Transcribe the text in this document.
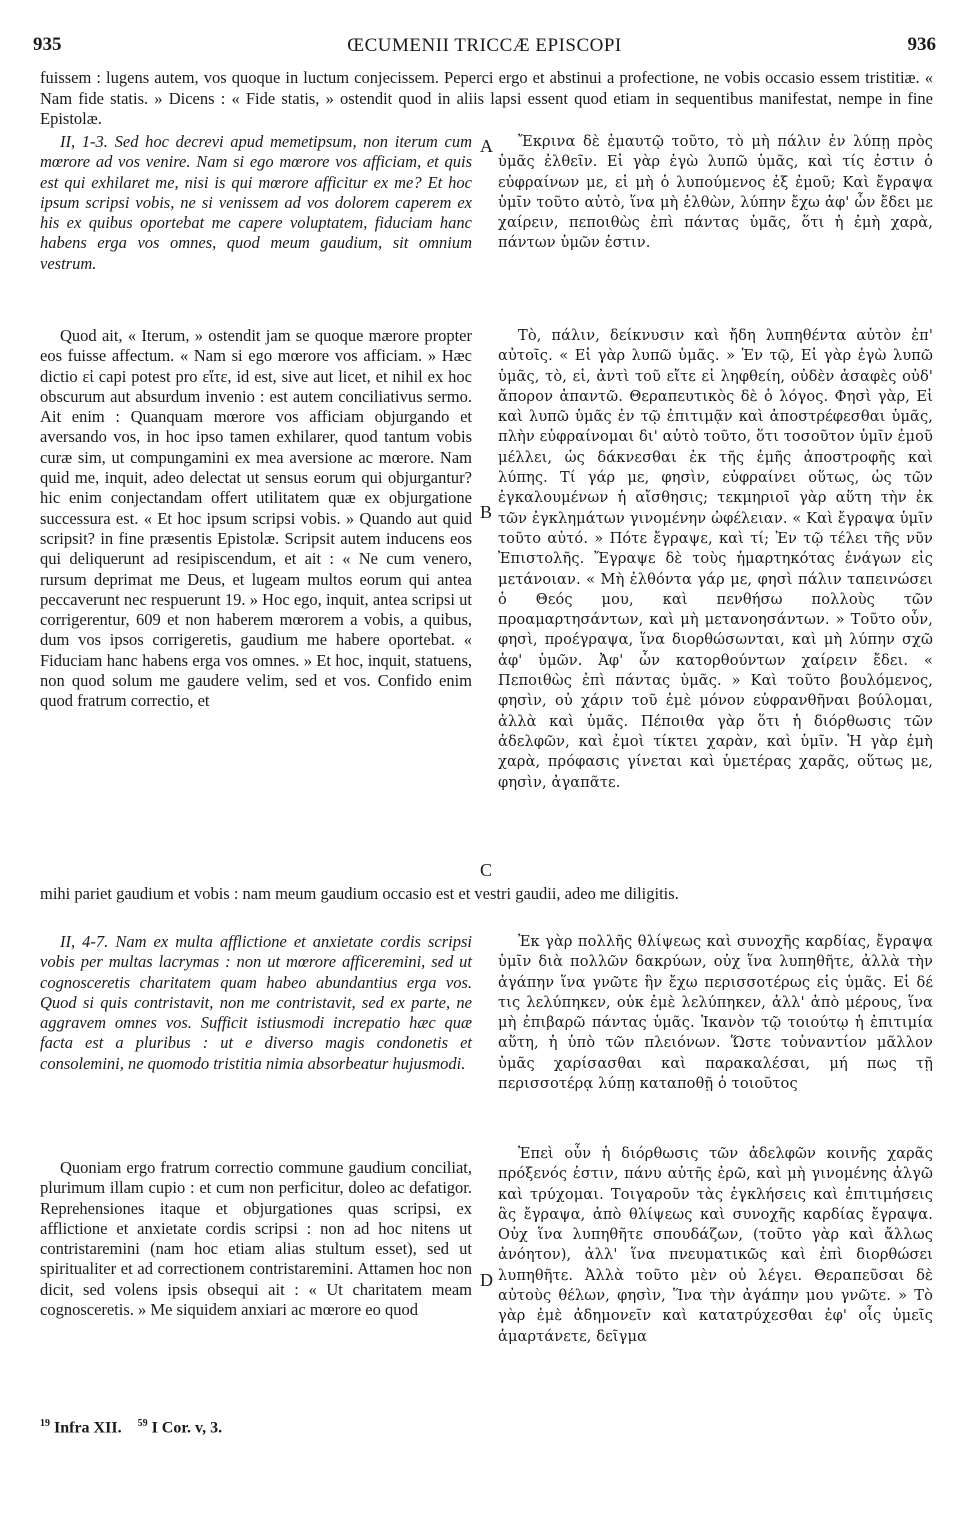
935	ŒCUMENII TRICCÆ EPISCOPI	936
fuissem : lugens autem, vos quoque in luctum conjecissem. Peperci ergo et abstinui a profectione, ne vobis occasio essem tristitiæ. « Nam fide statis. » Dicens : « Fide statis, » ostendit quod in aliis lapsi essent quod etiam in sequentibus manifestat, nempe in fine Epistolæ.

II, 1-3. Sed hoc decrevi apud memetipsum, non iterum cum mœrore ad vos venire. Nam si ego mœrore vos afficiam, et quis est qui exhilaret me, nisi is qui mœrore afficitur ex me? Et hoc ipsum scripsi vobis, ne si venissem ad vos dolorem caperem ex his ex quibus oportebat me capere voluptatem, fiduciam hanc habens erga vos omnes, quod meum gaudium, sit omnium vestrum.

Ἔκρινα δὲ ἐμαυτῷ τοῦτο, τὸ μὴ πάλιν ἐν λύπῃ πρὸς ὑμᾶς ἐλθεῖν. Εἰ γὰρ ἐγὼ λυπῶ ὑμᾶς, καὶ τίς ἐστιν ὁ εὐφραίνων με, εἰ μὴ ὁ λυπούμενος ἐξ ἐμοῦ; Καὶ ἔγραψα ὑμῖν τοῦτο αὐτὸ, ἵνα μὴ ἐλθὼν, λύπην ἔχω ἀφ' ὧν ἔδει με χαίρειν, πεποιθὼς ἐπὶ πάντας ὑμᾶς, ὅτι ἡ ἐμὴ χαρὰ, πάντων ὑμῶν ἐστιν.

A

Quod ait, « Iterum, » ostendit jam se quoque mærore propter eos fuisse affectum. « Nam si ego mœrore vos afficiam. » Hæc dictio εἰ capi potest pro εἴτε, id est, sive aut licet, et nihil ex hoc obscurum aut absurdum invenio : est autem conciliativus sermo. Ait enim : Quanquam mœrore vos afficiam objurgando et aversando vos, in hoc ipso tamen exhilarer, quod tantum vobis curæ sim, ut compungamini ex mea aversione ac mœrore. Nam quid me, inquit, adeo delectat ut sensus eorum qui objurgantur? hic enim conjectandam offert utilitatem quæ ex objurgatione successura est. « Et hoc ipsum scripsi vobis. » Quando aut quid scripsit? in fine præsentis Epistolæ. Scripsit autem inducens eos qui deliquerunt ad resipiscendum, et ait : « Ne cum venero, rursum deprimat me Deus, et lugeam multos eorum qui antea peccaverunt nec respuerunt 19. » Hoc ego, inquit, antea scripsi ut corrigerentur, 609 et non haberem mœrorem a vobis, a quibus, dum vos ipsos corrigeretis, gaudium me habere oportebat. « Fiduciam hanc habens erga vos omnes. » Et hoc, inquit, statuens, non quod solum me gaudere velim, sed et vos. Confido enim quod fratrum correctio, et

Τὸ, πάλιν, δείκνυσιν καὶ ἤδη λυπηθέντα αὐτὸν ἐπ' αὐτοῖς. « Εἰ γὰρ λυπῶ ὑμᾶς. » Ἐν τῷ, Εἰ γὰρ ἐγὼ λυπῶ ὑμᾶς, τὸ, εἰ, ἀντὶ τοῦ εἴτε εἰ ληφθείη, οὐδὲν ἀσαφὲς οὐδ' ἄπορον ἀπαντῶ. Θεραπευτικὸς δὲ ὁ λόγος. Φησὶ γὰρ, Εἰ καὶ λυπῶ ὑμᾶς ἐν τῷ ἐπιτιμᾷν καὶ ἀποστρέφεσθαι ὑμᾶς, πλὴν εὐφραίνομαι δι' αὐτὸ τοῦτο, ὅτι τοσοῦτον ὑμῖν ἐμοῦ μέλλει, ὡς δάκνεσθαι ἐκ τῆς ἐμῆς ἀποστροφῆς καὶ λύπης. Τί γάρ με, φησὶν, εὐφραίνει οὕτως, ὡς τῶν ἐγκαλουμένων ἡ αἴσθησις; τεκμηριοῖ γὰρ αὕτη τὴν ἐκ τῶν ἐγκλημάτων γινομένην ὠφέλειαν. « Καὶ ἔγραψα ὑμῖν τοῦτο αὐτό. » Πότε ἔγραψε, καὶ τί; Ἐν τῷ τέλει τῆς νῦν Ἐπιστολῆς. Ἔγραψε δὲ τοὺς ἡμαρτηκότας ἐνάγων εἰς μετάνοιαν. « Μὴ ἐλθόντα γάρ με, φησὶ πάλιν ταπεινώσει ὁ Θεός μου, καὶ πενθήσω πολλοὺς τῶν προαμαρτησάντων, καὶ μὴ μετανοησάντων. » Τοῦτο οὖν, φησὶ, προέγραψα, ἵνα διορθώσωνται, καὶ μὴ λύπην σχῶ ἀφ' ὑμῶν. Ἀφ' ὧν κατορθούντων χαίρειν ἔδει. « Πεποιθὼς ἐπὶ πάντας ὑμᾶς. » Καὶ τοῦτο βουλόμενος, φησὶν, οὐ χάριν τοῦ ἐμὲ μόνον εὐφρανθῆναι βούλομαι, ἀλλὰ καὶ ὑμᾶς. Πέποιθα γὰρ ὅτι ἡ διόρθωσις τῶν ἀδελφῶν, καὶ ἐμοὶ τίκτει χαρὰν, καὶ ὑμῖν. Ἡ γὰρ ἐμὴ χαρὰ, πρόφασις γίνεται καὶ ὑμετέρας χαρᾶς, οὕτως με, φησὶν, ἀγαπᾶτε.

B
C
mihi pariet gaudium et vobis : nam meum gaudium occasio est et vestri gaudii, adeo me diligitis.

II, 4-7. Nam ex multa afflictione et anxietate cordis scripsi vobis per multas lacrymas : non ut mœrore afficeremini, sed ut cognosceretis charitatem quam habeo abundantius erga vos. Quod si quis contristavit, non me contristavit, sed ex parte, ne aggravem omnes vos. Sufficit istiusmodi increpatio hæc quæ facta est a pluribus : ut e diverso magis condonetis et consolemini, ne quomodo tristitia nimia absorbeatur hujusmodi.

Ἐκ γὰρ πολλῆς θλίψεως καὶ συνοχῆς καρδίας, ἔγραψα ὑμῖν διὰ πολλῶν δακρύων, οὐχ ἵνα λυπηθῆτε, ἀλλὰ τὴν ἀγάπην ἵνα γνῶτε ἣν ἔχω περισσοτέρως εἰς ὑμᾶς. Εἰ δέ τις λελύπηκεν, οὐκ ἐμὲ λελύπηκεν, ἀλλ' ἀπὸ μέρους, ἵνα μὴ ἐπιβαρῶ πάντας ὑμᾶς. Ἱκανὸν τῷ τοιούτῳ ἡ ἐπιτιμία αὕτη, ἡ ὑπὸ τῶν πλειόνων. Ὥστε τοὐναντίον μᾶλλον ὑμᾶς χαρίσασθαι καὶ παρακαλέσαι, μή πως τῇ περισσοτέρᾳ λύπῃ καταποθῇ ὁ τοιοῦτος

Quoniam ergo fratrum correctio commune gaudium conciliat, plurimum illam cupio : et cum non perficitur, doleo ac defatigor. Reprehensiones itaque et objurgationes quas scripsi, ex afflictione et anxietate cordis scripsi : non ad hoc nitens ut contristaremini (nam hoc etiam alias stultum esset), sed ut spiritualiter et ad correctionem contristaremini. Attamen hoc non dicit, sed volens ipsis obsequi ait : « Ut charitatem meam cognosceretis. » Me siquidem anxiari ac mœrore eo quod

Ἐπεὶ οὖν ἡ διόρθωσις τῶν ἀδελφῶν κοινῆς χαρᾶς πρόξενός ἐστιν, πάνυ αὐτῆς ἐρῶ, καὶ μὴ γινομένης ἀλγῶ καὶ τρύχομαι. Τοιγαροῦν τὰς ἐγκλήσεις καὶ ἐπιτιμήσεις ἃς ἔγραψα, ἀπὸ θλίψεως καὶ συνοχῆς καρδίας ἔγραψα. Οὐχ ἵνα λυπηθῆτε σπουδάζων, (τοῦτο γὰρ καὶ ἄλλως ἀνόητον), ἀλλ' ἵνα πνευματικῶς καὶ ἐπὶ διορθώσει λυπηθῆτε. Ἀλλὰ τοῦτο μὲν οὐ λέγει. Θεραπεῦσαι δὲ αὐτοὺς θέλων, φησὶν, Ἵνα τὴν ἀγάπην μου γνῶτε. » Τὸ γὰρ ἐμὲ ἀδημονεῖν καὶ κατατρύχεσθαι ἐφ' οἷς ὑμεῖς ἁμαρτάνετε, δεῖγμα

D
$^{19}$ Infra XII. $^{59}$ I Cor. v, 3.
